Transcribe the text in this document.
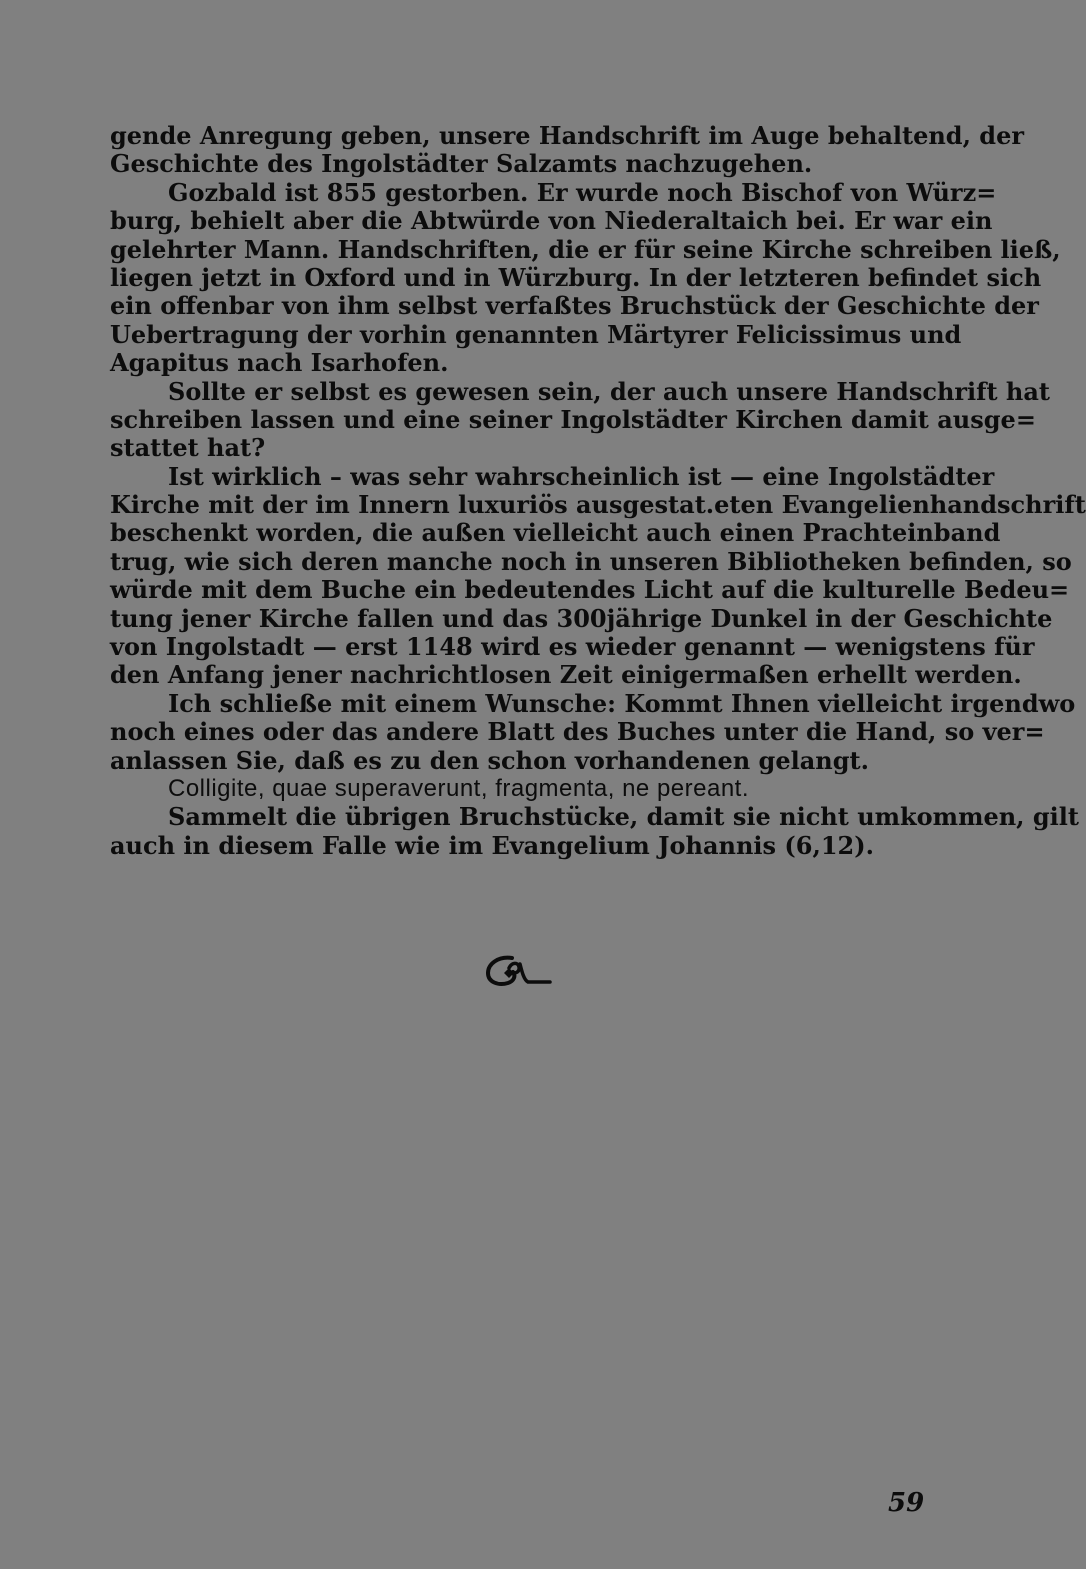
gende Anregung geben, unsere Handschrift im Auge behaltend, der
Geschichte des Ingolstädter Salzamts nachzugehen.
Gozbald ist 855 gestorben. Er wurde noch Bischof von Würz=
burg, behielt aber die Abtwürde von Niederaltaich bei. Er war ein
gelehrter Mann. Handschriften, die er für seine Kirche schreiben ließ,
liegen jetzt in Oxford und in Würzburg. In der letzteren befindet sich
ein offenbar von ihm selbst verfaßtes Bruchstück der Geschichte der
Uebertragung der vorhin genannten Märtyrer Felicissimus und
Agapitus nach Isarhofen.
Sollte er selbst es gewesen sein, der auch unsere Handschrift hat
schreiben lassen und eine seiner Ingolstädter Kirchen damit ausge=
stattet hat?
Ist wirklich – was sehr wahrscheinlich ist — eine Ingolstädter
Kirche mit der im Innern luxuriös ausgestat.eten Evangelienhandschrift
beschenkt worden, die außen vielleicht auch einen Prachteinband
trug, wie sich deren manche noch in unseren Bibliotheken befinden, so
würde mit dem Buche ein bedeutendes Licht auf die kulturelle Bedeu=
tung jener Kirche fallen und das 300jährige Dunkel in der Geschichte
von Ingolstadt — erst 1148 wird es wieder genannt — wenigstens für
den Anfang jener nachrichtlosen Zeit einigermaßen erhellt werden.
Ich schließe mit einem Wunsche: Kommt Ihnen vielleicht irgendwo
noch eines oder das andere Blatt des Buches unter die Hand, so ver=
anlassen Sie, daß es zu den schon vorhandenen gelangt.
Colligite, quae superaverunt, fragmenta, ne pereant.
Sammelt die übrigen Bruchstücke, damit sie nicht umkommen, gilt
auch in diesem Falle wie im Evangelium Johannis (6,12).
59
